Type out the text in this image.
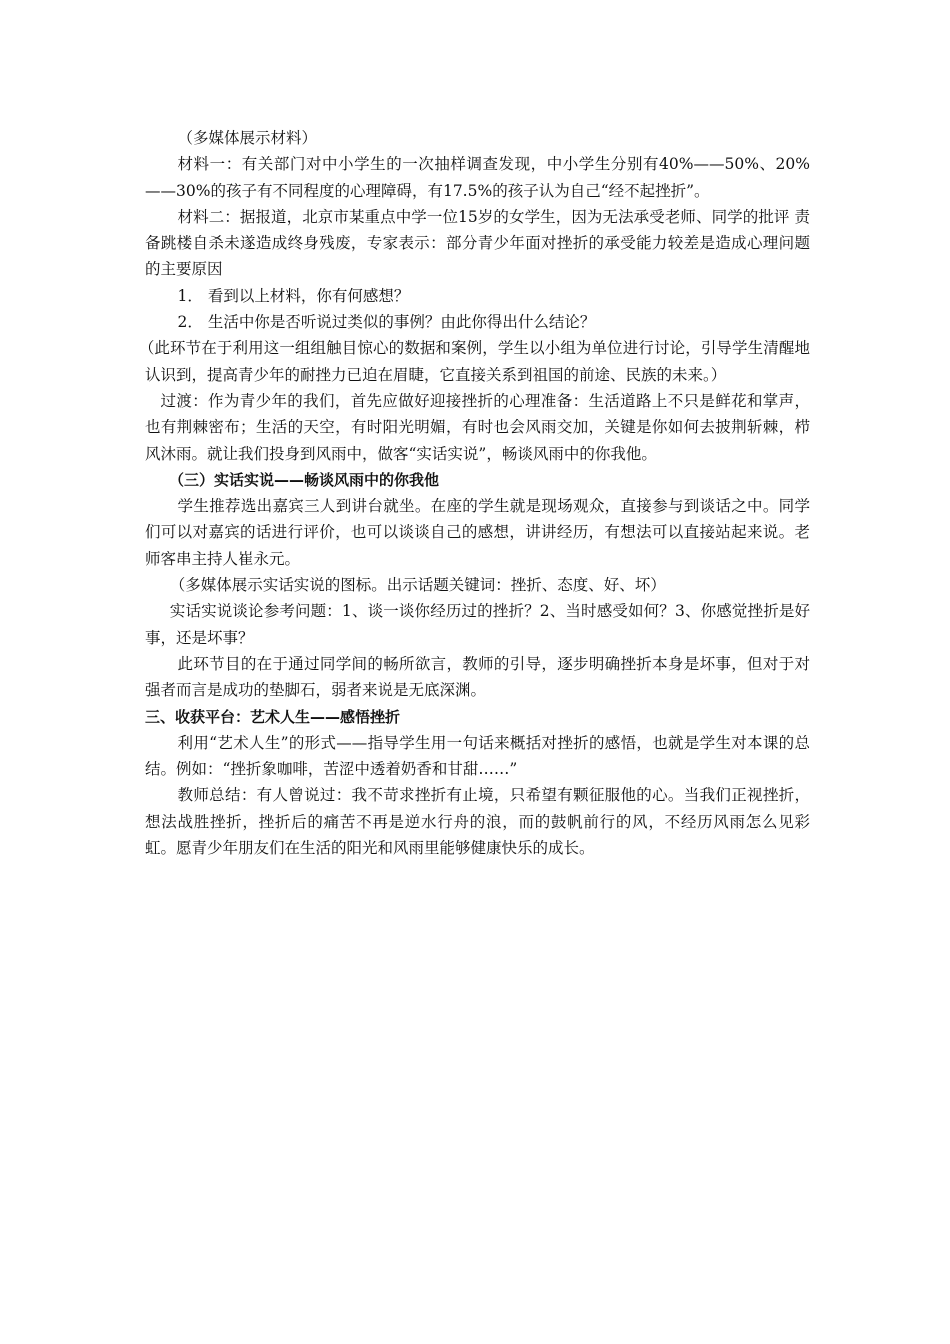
（多媒体展示材料）

材料一：有关部门对中小学生的一次抽样调查发现，中小学生分别有40%——50%、20%——30%的孩子有不同程度的心理障碍，有17.5%的孩子认为自己“经不起挫折”。

材料二：据报道，北京市某重点中学一位15岁的女学生，因为无法承受老师、同学的批评 责备跳楼自杀未遂造成终身残废，专家表示：部分青少年面对挫折的承受能力较差是造成心理问题的主要原因

1． 看到以上材料，你有何感想？

2． 生活中你是否听说过类似的事例？由此你得出什么结论？

（此环节在于利用这一组组触目惊心的数据和案例，学生以小组为单位进行讨论，引导学生清醒地认识到，提高青少年的耐挫力已迫在眉睫，它直接关系到祖国的前途、民族的未来。）

过渡：作为青少年的我们，首先应做好迎接挫折的心理准备：生活道路上不只是鲜花和掌声，也有荆棘密布；生活的天空，有时阳光明媚，有时也会风雨交加，关键是你如何去披荆斩棘，栉风沐雨。就让我们投身到风雨中，做客“实话实说”，畅谈风雨中的你我他。

（三）实话实说——畅谈风雨中的你我他

学生推荐选出嘉宾三人到讲台就坐。在座的学生就是现场观众，直接参与到谈话之中。同学们可以对嘉宾的话进行评价，也可以谈谈自己的感想，讲讲经历，有想法可以直接站起来说。老师客串主持人崔永元。

（多媒体展示实话实说的图标。出示话题关键词：挫折、态度、好、坏）

实话实说谈论参考问题：1、谈一谈你经历过的挫折？2、当时感受如何？3、你感觉挫折是好事，还是坏事？

此环节目的在于通过同学间的畅所欲言，教师的引导，逐步明确挫折本身是坏事，但对于对强者而言是成功的垫脚石，弱者来说是无底深渊。

三、收获平台：艺术人生——感悟挫折

利用“艺术人生”的形式——指导学生用一句话来概括对挫折的感悟，也就是学生对本课的总结。例如：“挫折象咖啡，苦涩中透着奶香和甘甜……”

教师总结：有人曾说过：我不苛求挫折有止境，只希望有颗征服他的心。当我们正视挫折，想法战胜挫折，挫折后的痛苦不再是逆水行舟的浪，而的鼓帆前行的风，不经历风雨怎么见彩虹。愿青少年朋友们在生活的阳光和风雨里能够健康快乐的成长。
